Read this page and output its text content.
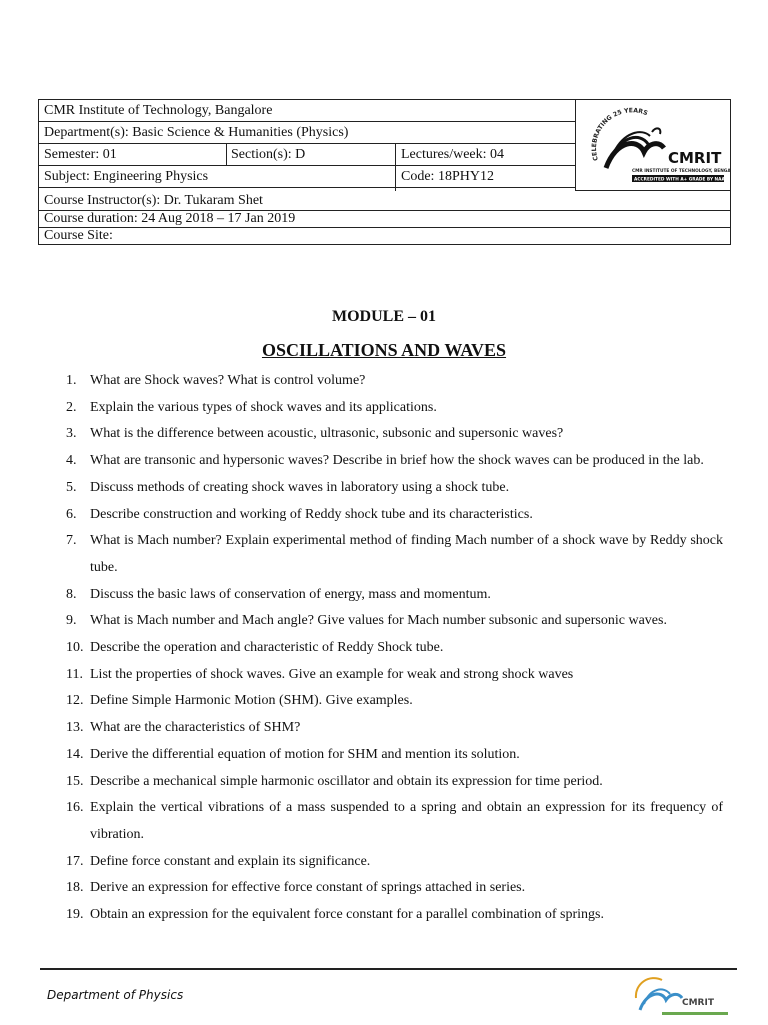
CMR Institute of Technology, Bangalore
Department(s): Basic Science & Humanities (Physics)
Semester: 01	Section(s): D	Lectures/week: 04
Subject: Engineering Physics	Code: 18PHY12
Course Instructor(s): Dr. Tukaram Shet
Course duration: 24 Aug 2018 – 17 Jan 2019
Course Site:
CELEBRATING 25 YEARS
CMRIT
CMR INSTITUTE OF TECHNOLOGY, BENGA
ACCREDITED WITH A+ GRADE BY NAAC
MODULE – 01
OSCILLATIONS AND WAVES
1. What are Shock waves? What is control volume?
2. Explain the various types of shock waves and its applications.
3. What is the difference between acoustic, ultrasonic, subsonic and supersonic waves?
4. What are transonic and hypersonic waves? Describe in brief how the shock waves can be produced in the lab.
5. Discuss methods of creating shock waves in laboratory using a shock tube.
6. Describe construction and working of Reddy shock tube and its characteristics.
7. What is Mach number? Explain experimental method of finding Mach number of a shock wave by Reddy shock tube.
8. Discuss the basic laws of conservation of energy, mass and momentum.
9. What is Mach number and Mach angle? Give values for Mach number subsonic and supersonic waves.
10. Describe the operation and characteristic of Reddy Shock tube.
11. List the properties of shock waves. Give an example for weak and strong shock waves
12. Define Simple Harmonic Motion (SHM). Give examples.
13. What are the characteristics of SHM?
14. Derive the differential equation of motion for SHM and mention its solution.
15. Describe a mechanical simple harmonic oscillator and obtain its expression for time period.
16. Explain the vertical vibrations of a mass suspended to a spring and obtain an expression for its frequency of vibration.
17. Define force constant and explain its significance.
18. Derive an expression for effective force constant of springs attached in series.
19. Obtain an expression for the equivalent force constant for a parallel combination of springs.
Department of Physics
CMRIT
